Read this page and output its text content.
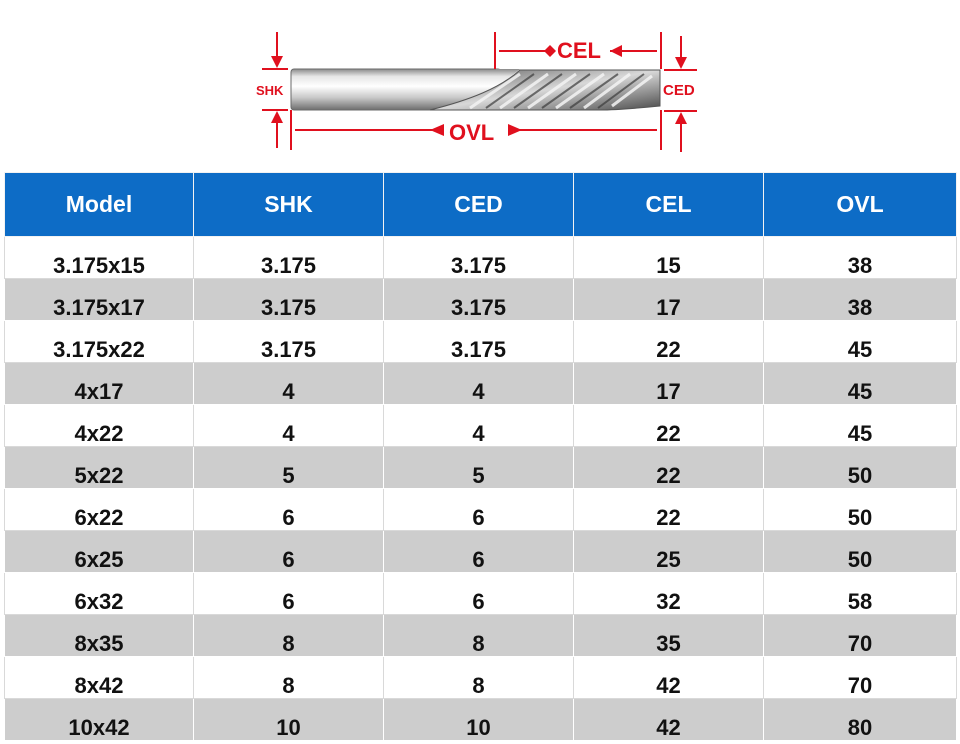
CEL
OVL
SHK	CED
Model	SHK	CED	CEL	OVL
3.175x15	3.175	3.175	15	38
3.175x17	3.175	3.175	17	38
3.175x22	3.175	3.175	22	45
4x17	4	4	17	45
4x22	4	4	22	45
5x22	5	5	22	50
6x22	6	6	22	50
6x25	6	6	25	50
6x32	6	6	32	58
8x35	8	8	35	70
8x42	8	8	42	70
10x42	10	10	42	80
